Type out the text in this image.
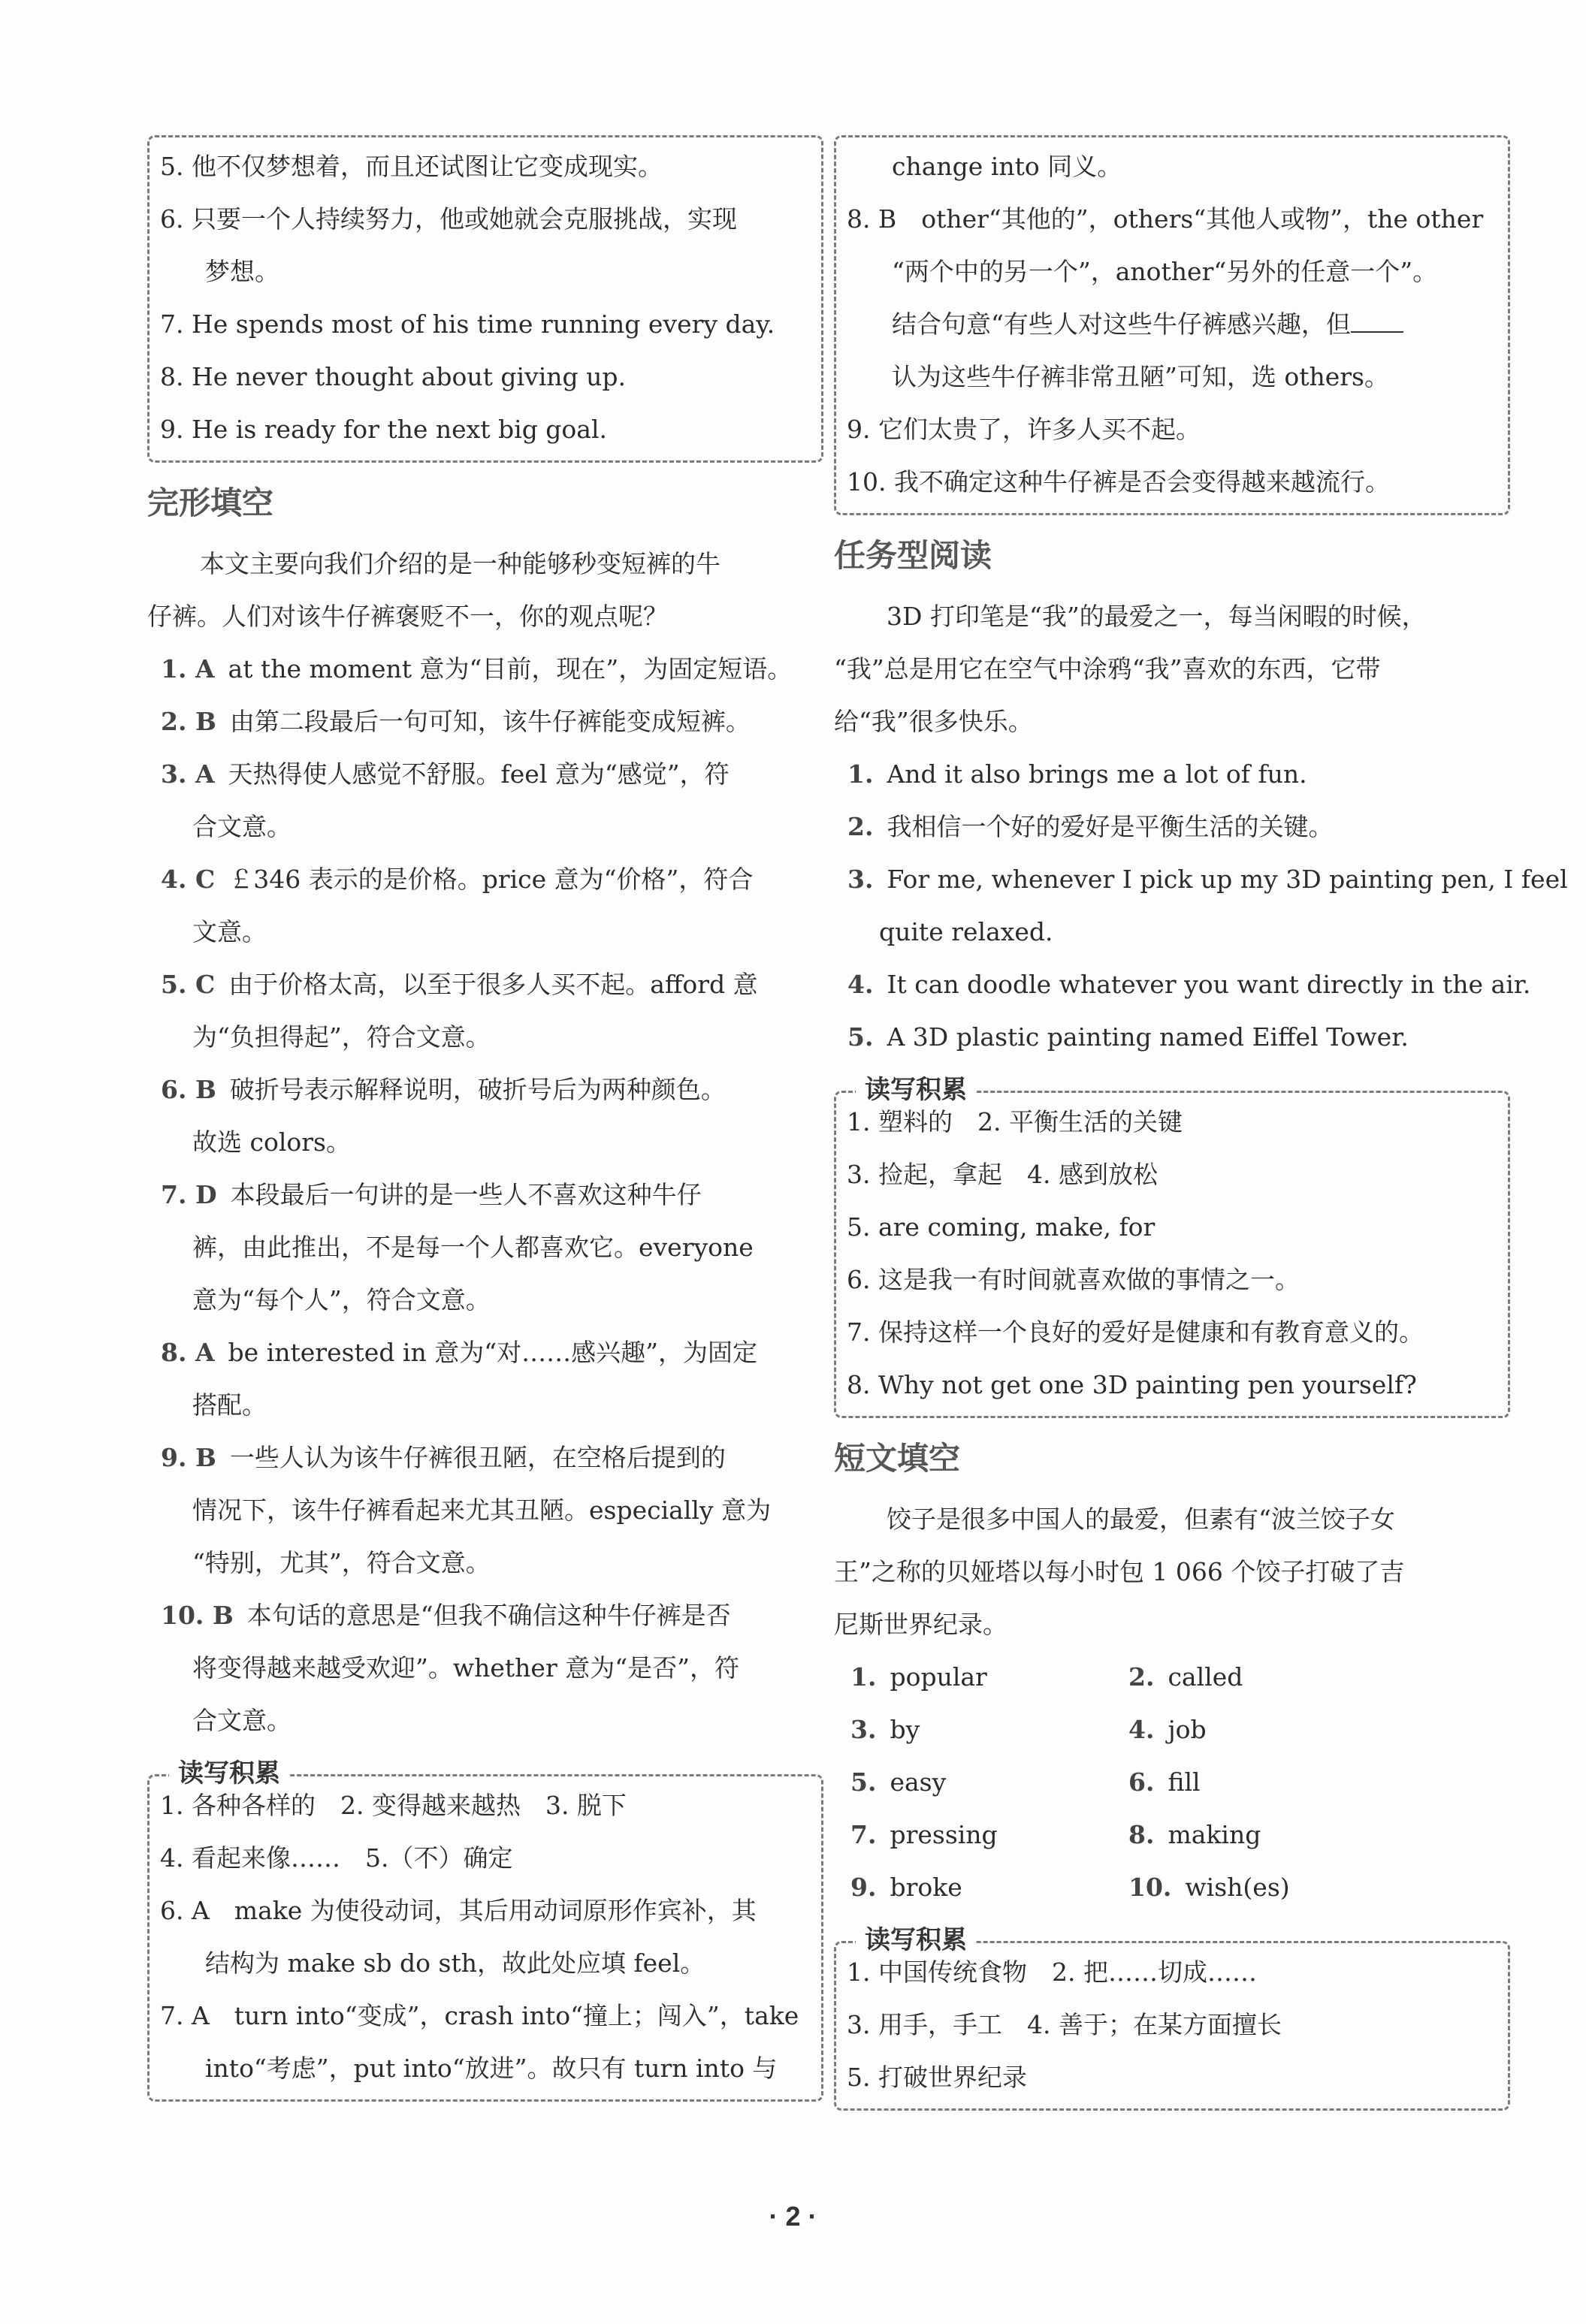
5. 他不仅梦想着，而且还试图让它变成现实。
6. 只要一个人持续努力，他或她就会克服挑战，实现
梦想。
7. He spends most of his time running every day.
8. He never thought about giving up.
9. He is ready for the next big goal.
完形填空
本文主要向我们介绍的是一种能够秒变短裤的牛
仔裤。人们对该牛仔裤褒贬不一，你的观点呢？
1. A at the moment 意为“目前，现在”，为固定短语。
2. B 由第二段最后一句可知，该牛仔裤能变成短裤。
3. A 天热得使人感觉不舒服。feel 意为“感觉”，符
合文意。
4. C ￡346 表示的是价格。price 意为“价格”，符合
文意。
5. C 由于价格太高，以至于很多人买不起。afford 意
为“负担得起”，符合文意。
6. B 破折号表示解释说明，破折号后为两种颜色。
故选 colors。
7. D 本段最后一句讲的是一些人不喜欢这种牛仔
裤，由此推出，不是每一个人都喜欢它。everyone
意为“每个人”，符合文意。
8. A be interested in 意为“对……感兴趣”，为固定
搭配。
9. B 一些人认为该牛仔裤很丑陋，在空格后提到的
情况下，该牛仔裤看起来尤其丑陋。especially 意为
“特别，尤其”，符合文意。
10. B 本句话的意思是“但我不确信这种牛仔裤是否
将变得越来越受欢迎”。whether 意为“是否”，符
合文意。
读写积累
1. 各种各样的　2. 变得越来越热　3. 脱下
4. 看起来像……　5.（不）确定
6. A　make 为使役动词，其后用动词原形作宾补，其
结构为 make sb do sth，故此处应填 feel。
7. A　turn into“变成”，crash into“撞上；闯入”，take
into“考虑”，put into“放进”。故只有 turn into 与
change into 同义。
8. B　other“其他的”，others“其他人或物”，the other
“两个中的另一个”，another“另外的任意一个”。
结合句意“有些人对这些牛仔裤感兴趣，但
认为这些牛仔裤非常丑陋”可知，选 others。
9. 它们太贵了，许多人买不起。
10. 我不确定这种牛仔裤是否会变得越来越流行。
任务型阅读
3D 打印笔是“我”的最爱之一，每当闲暇的时候，
“我”总是用它在空气中涂鸦“我”喜欢的东西，它带
给“我”很多快乐。
1. And it also brings me a lot of fun.
2. 我相信一个好的爱好是平衡生活的关键。
3. For me, whenever I pick up my 3D painting pen, I feel
quite relaxed.
4. It can doodle whatever you want directly in the air.
5. A 3D plastic painting named Eiffel Tower.
读写积累
1. 塑料的　2. 平衡生活的关键
3. 捡起，拿起　4. 感到放松
5. are coming, make, for
6. 这是我一有时间就喜欢做的事情之一。
7. 保持这样一个良好的爱好是健康和有教育意义的。
8. Why not get one 3D painting pen yourself?
短文填空
饺子是很多中国人的最爱，但素有“波兰饺子女
王”之称的贝娅塔以每小时包 1 066 个饺子打破了吉
尼斯世界纪录。
1. popular	2. called
3. by	4. job
5. easy	6. fill
7. pressing	8. making
9. broke	10. wish(es)
读写积累
1. 中国传统食物　2. 把……切成……
3. 用手，手工　4. 善于；在某方面擅长
5. 打破世界纪录
· 2 ·
